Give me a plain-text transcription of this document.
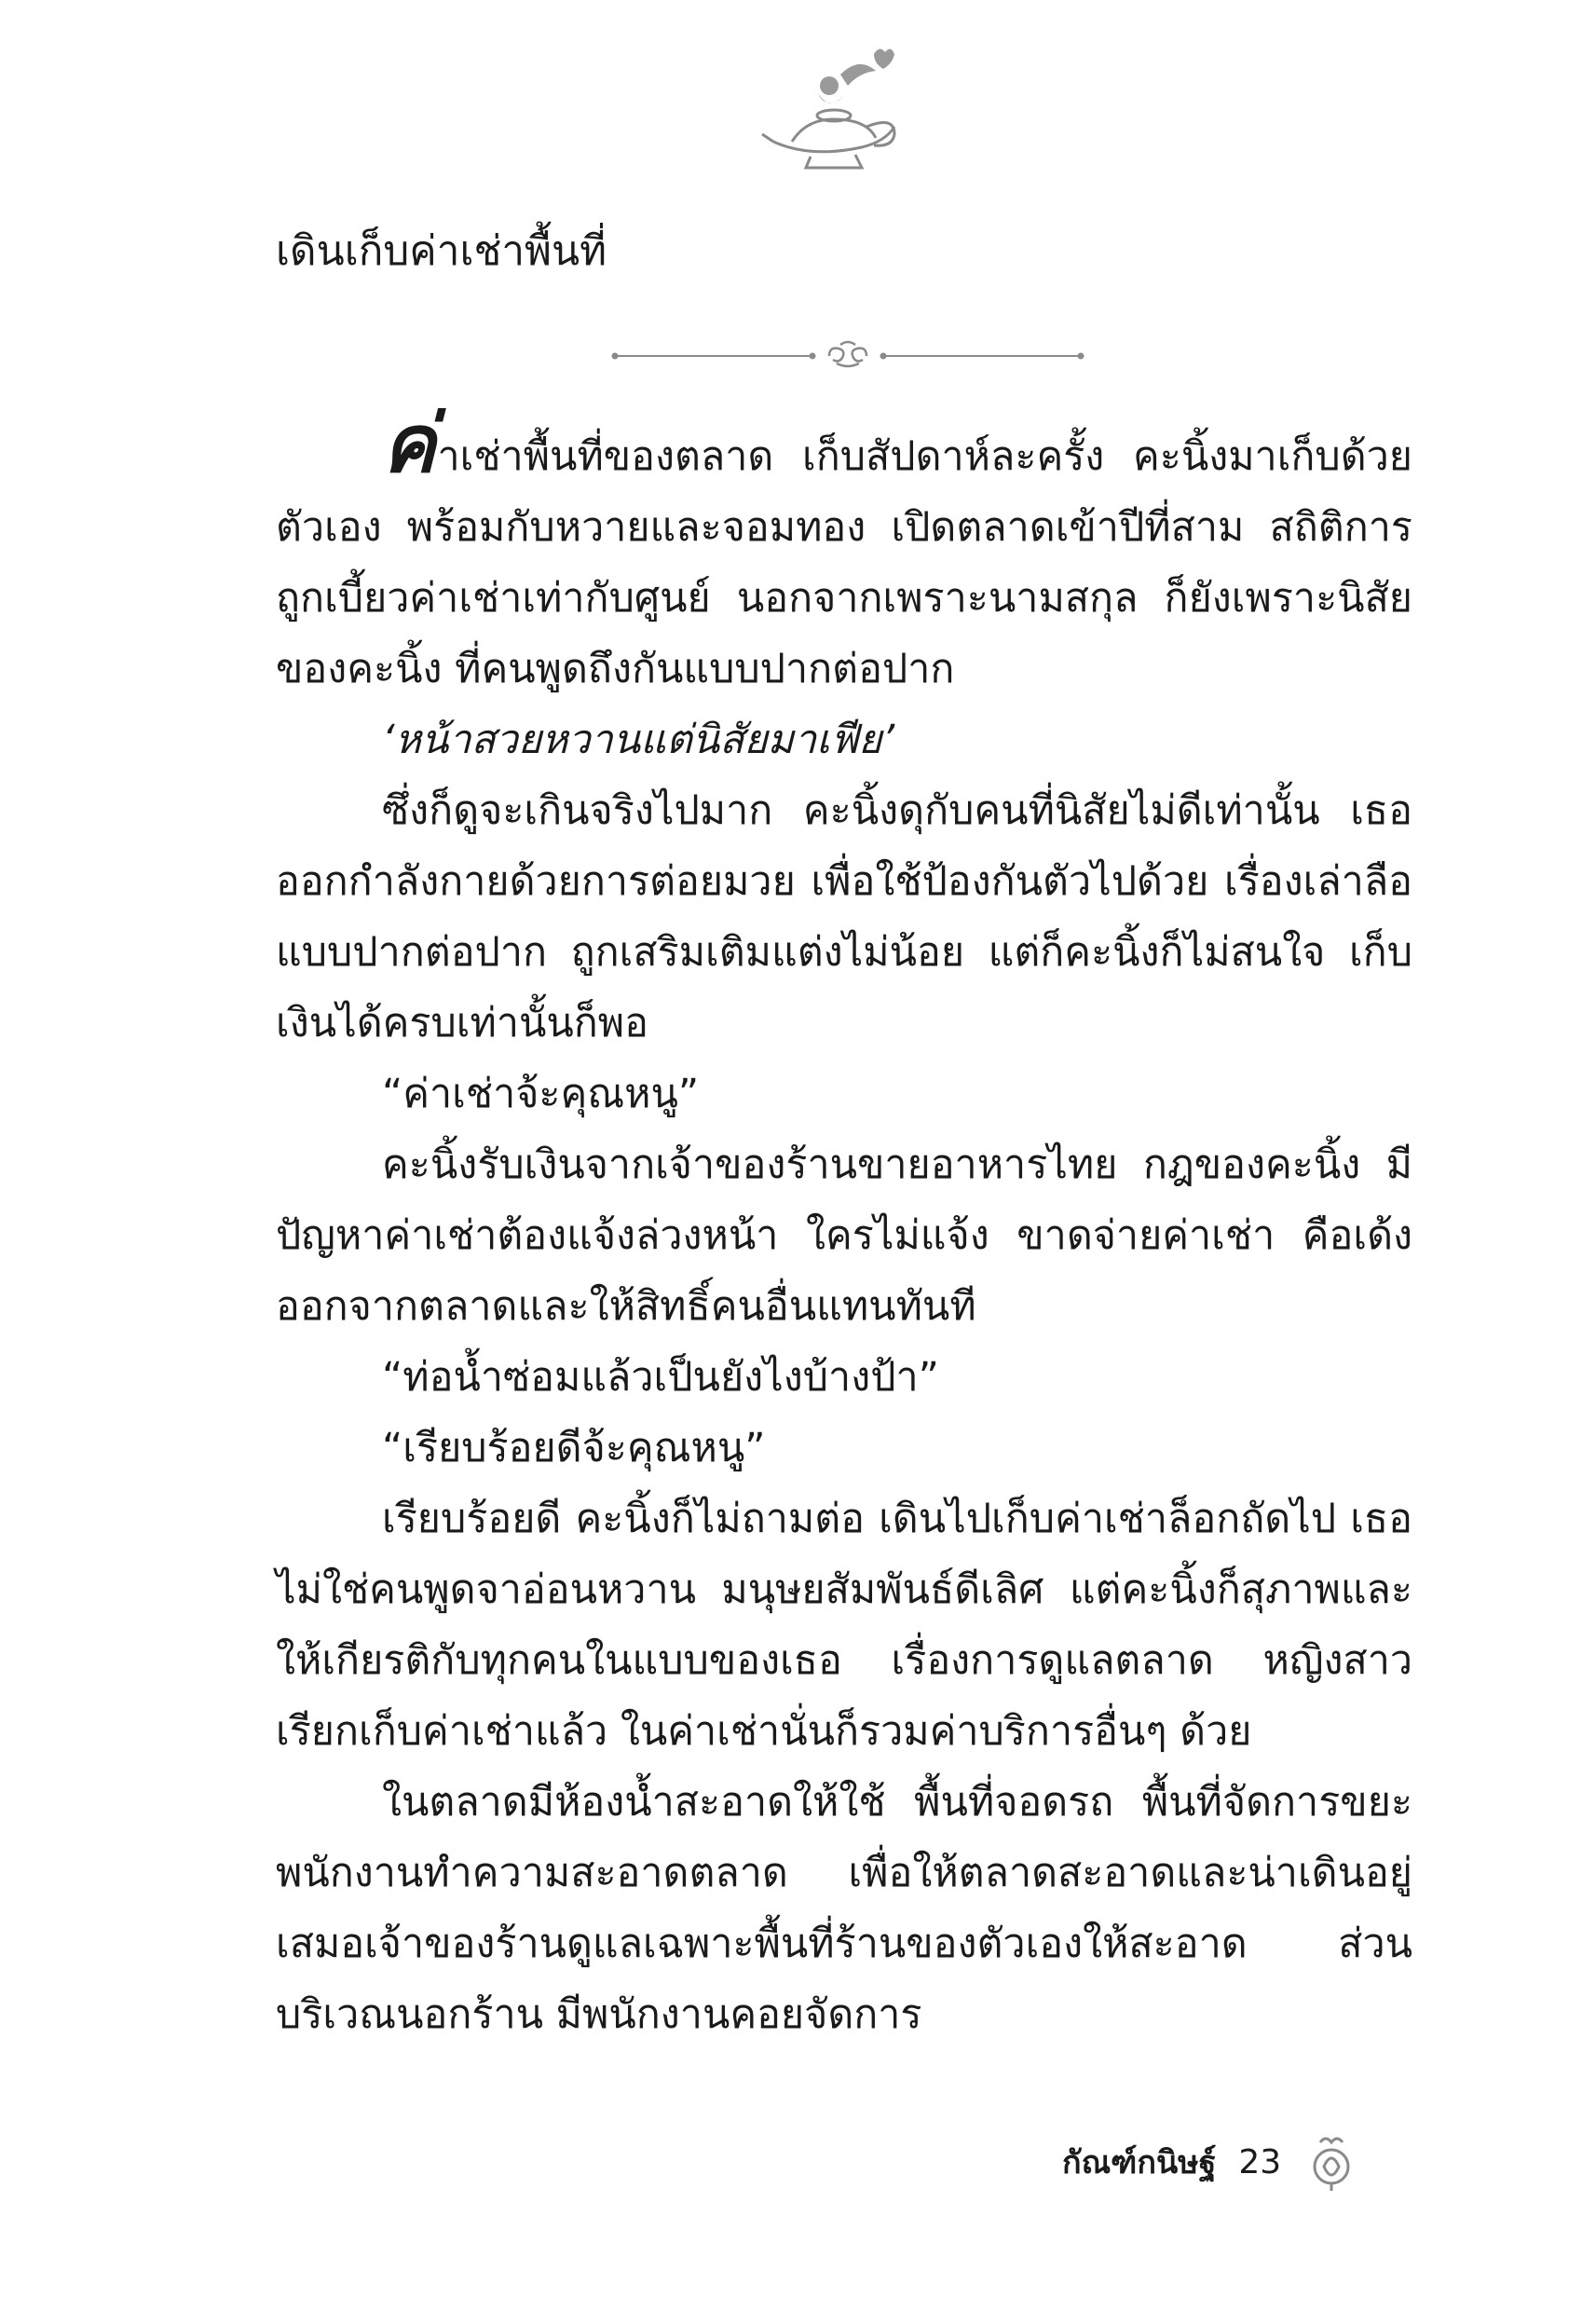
เดินเก็บค่าเช่าพื้นที่

ค่าเช่าพื้นที่ของตลาด เก็บสัปดาห์ละครั้ง คะนิ้งมาเก็บด้วยตัวเอง พร้อมกับหวายและจอมทอง เปิดตลาดเข้าปีที่สาม สถิติการถูกเบี้ยวค่าเช่าเท่ากับศูนย์ นอกจากเพราะนามสกุล ก็ยังเพราะนิสัยของคะนิ้ง ที่คนพูดถึงกันแบบปากต่อปาก

‘หน้าสวยหวานแต่นิสัยมาเฟีย’

ซึ่งก็ดูจะเกินจริงไปมาก คะนิ้งดุกับคนที่นิสัยไม่ดีเท่านั้น เธอออกกำลังกายด้วยการต่อยมวย เพื่อใช้ป้องกันตัวไปด้วย เรื่องเล่าลือแบบปากต่อปาก ถูกเสริมเติมแต่งไม่น้อย แต่ก็คะนิ้งก็ไม่สนใจ เก็บเงินได้ครบเท่านั้นก็พอ

“ค่าเช่าจ้ะคุณหนู”

คะนิ้งรับเงินจากเจ้าของร้านขายอาหารไทย กฎของคะนิ้ง มีปัญหาค่าเช่าต้องแจ้งล่วงหน้า ใครไม่แจ้ง ขาดจ่ายค่าเช่า คือเด้งออกจากตลาดและให้สิทธิ์คนอื่นแทนทันที

“ท่อน้ำซ่อมแล้วเป็นยังไงบ้างป้า”

“เรียบร้อยดีจ้ะคุณหนู”

เรียบร้อยดี คะนิ้งก็ไม่ถามต่อ เดินไปเก็บค่าเช่าล็อกถัดไป เธอไม่ใช่คนพูดจาอ่อนหวาน มนุษยสัมพันธ์ดีเลิศ แต่คะนิ้งก็สุภาพและให้เกียรติกับทุกคนในแบบของเธอ เรื่องการดูแลตลาด หญิงสาวเรียกเก็บค่าเช่าแล้ว ในค่าเช่านั่นก็รวมค่าบริการอื่นๆ ด้วย

ในตลาดมีห้องน้ำสะอาดให้ใช้ พื้นที่จอดรถ พื้นที่จัดการขยะพนักงานทำความสะอาดตลาด เพื่อให้ตลาดสะอาดและน่าเดินอยู่เสมอเจ้าของร้านดูแลเฉพาะพื้นที่ร้านของตัวเองให้สะอาด ส่วนบริเวณนอกร้าน มีพนักงานคอยจัดการ

กัณฑ์กนิษฐ์ 23
